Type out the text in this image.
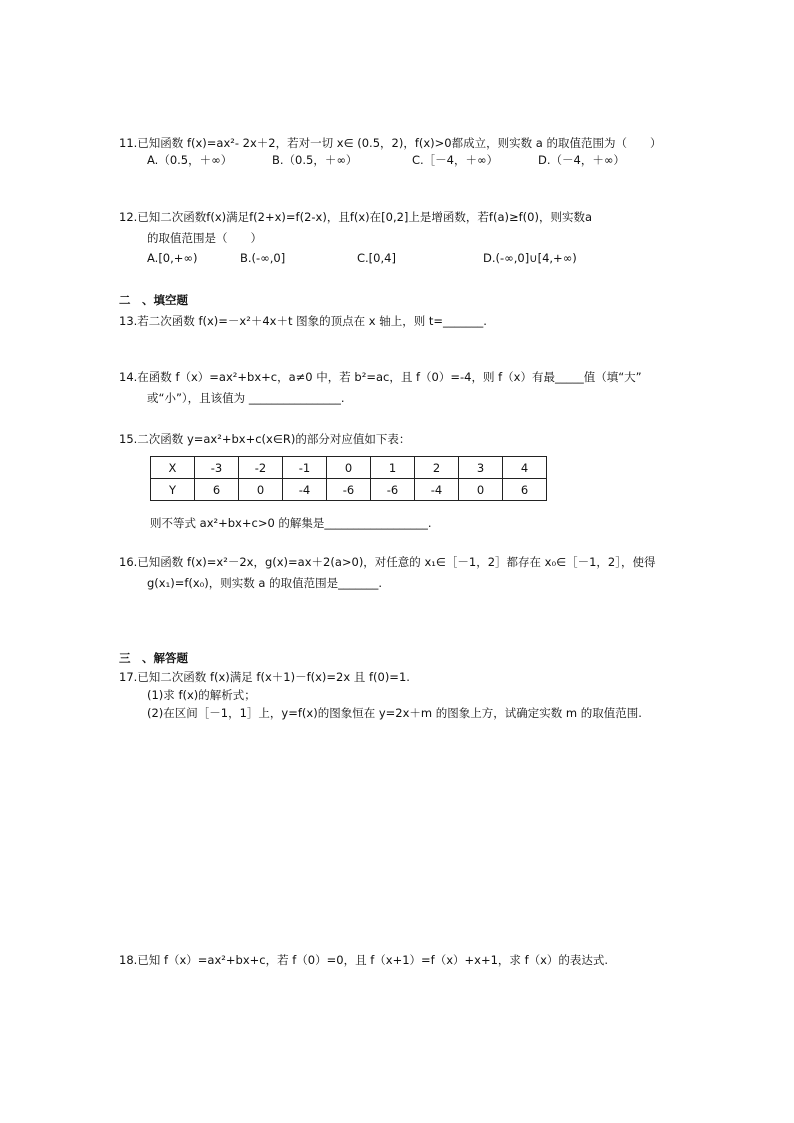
11.已知函数 f(x)=ax²- 2x＋2，若对一切 x∈ (0.5，2)，f(x)>0都成立，则实数 a 的取值范围为（　　）
A.（0.5，＋∞）	B.（0.5，＋∞）	C.［－4，＋∞）	D.（－4，＋∞）
12.已知二次函数f(x)满足f(2+x)=f(2-x)，且f(x)在[0,2]上是增函数，若f(a)≥f(0)，则实数a
的取值范围是（　　）
A.[0,+∞)	B.(-∞,0]	C.[0,4]	D.(-∞,0]∪[4,+∞)
二　、填空题
13.若二次函数 f(x)=－x²＋4x＋t 图象的顶点在 x 轴上，则 t=_______.
14.在函数 f（x）=ax²+bx+c，a≠0 中，若 b²=ac，且 f（0）=-4，则 f（x）有最_____值（填“大”
或“小”），且该值为 ________________.
15.二次函数 y=ax²+bx+c(x∈R)的部分对应值如下表：
X	-3	-2	-1	0	1	2	3	4
Y	6	0	-4	-6	-6	-4	0	6
则不等式 ax²+bx+c>0 的解集是__________________.
16.已知函数 f(x)=x²－2x，g(x)=ax＋2(a>0)，对任意的 x₁∈［－1，2］都存在 x₀∈［－1，2］，使得
g(x₁)=f(x₀)，则实数 a 的取值范围是_______.
三　、解答题
17.已知二次函数 f(x)满足 f(x＋1)－f(x)=2x 且 f(0)=1.
(1)求 f(x)的解析式；
(2)在区间［－1，1］上，y=f(x)的图象恒在 y=2x＋m 的图象上方，试确定实数 m 的取值范围.
18.已知 f（x）=ax²+bx+c，若 f（0）=0，且 f（x+1）=f（x）+x+1，求 f（x）的表达式.
